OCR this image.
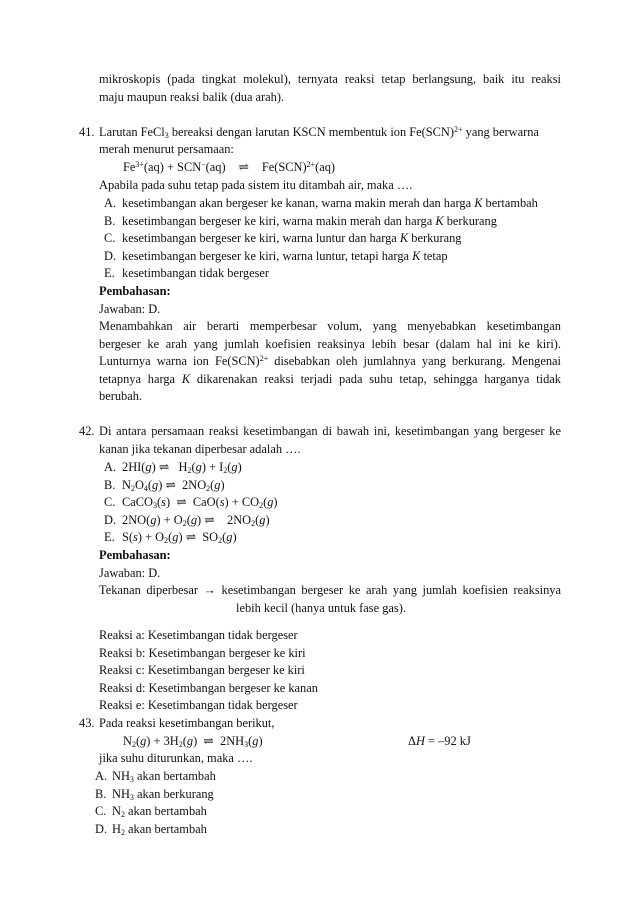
mikroskopis (pada tingkat molekul), ternyata reaksi tetap berlangsung, baik itu reaksi
maju maupun reaksi balik (dua arah).
41. Larutan FeCl$_3$ bereaksi dengan larutan KSCN membentuk ion Fe(SCN)$^{2+}$ yang berwarna
merah menurut persamaan:
$Fe^{3+}(aq) + SCN^-(aq)$ ⇌ Fe(SCN)$^{2+}$(aq)
Apabila pada suhu tetap pada sistem itu ditambah air, maka ….
A. kesetimbangan akan bergeser ke kanan, warna makin merah dan harga K bertambah
B. kesetimbangan bergeser ke kiri, warna makin merah dan harga K berkurang
C. kesetimbangan bergeser ke kiri, warna luntur dan harga K berkurang
D. kesetimbangan bergeser ke kiri, warna luntur, tetapi harga K tetap
E. kesetimbangan tidak bergeser
Pembahasan:
Jawaban: D.
Menambahkan air berarti memperbesar volum, yang menyebabkan kesetimbangan
bergeser ke arah yang jumlah koefisien reaksinya lebih besar (dalam hal ini ke kiri).
Lunturnya warna ion Fe(SCN)$^{2+}$ disebabkan oleh jumlahnya yang berkurang. Mengenai
tetapnya harga K dikarenakan reaksi terjadi pada suhu tetap, sehingga harganya tidak
berubah.
42. Di antara persamaan reaksi kesetimbangan di bawah ini, kesetimbangan yang bergeser ke
kanan jika tekanan diperbesar adalah ….
A. 2HI(g) ⇌   $H_2(g) + I_2(g)$
B. $N_2O_4(g)$ ⇌  $2NO_2(g)$
C. CaCO$_3$(s)  ⇌  $CaO(s) + CO_2(g)$
D. $2NO(g) + O_2(g)$ ⇌    $2NO_2(g)$
E. $S(s) + O_2(g)$ ⇌  $SO_2(g)$
Pembahasan:
Jawaban: D.
Tekanan diperbesar → kesetimbangan bergeser ke arah yang jumlah koefisien reaksinya
lebih kecil (hanya untuk fase gas).
Reaksi a: Kesetimbangan tidak bergeser
Reaksi b: Kesetimbangan bergeser ke kiri
Reaksi c: Kesetimbangan bergeser ke kiri
Reaksi d: Kesetimbangan bergeser ke kanan
Reaksi e: Kesetimbangan tidak bergeser
43. Pada reaksi kesetimbangan berikut,
$N_2(g) + 3H_2(g)$  ⇌  $2NH_3(g)$	ΔH = –92 kJ
jika suhu diturunkan, maka ….
A. $NH_3$ akan bertambah
B. $NH_3$ akan berkurang
C. $N_2$ akan bertambah
D. $H_2$ akan bertambah
